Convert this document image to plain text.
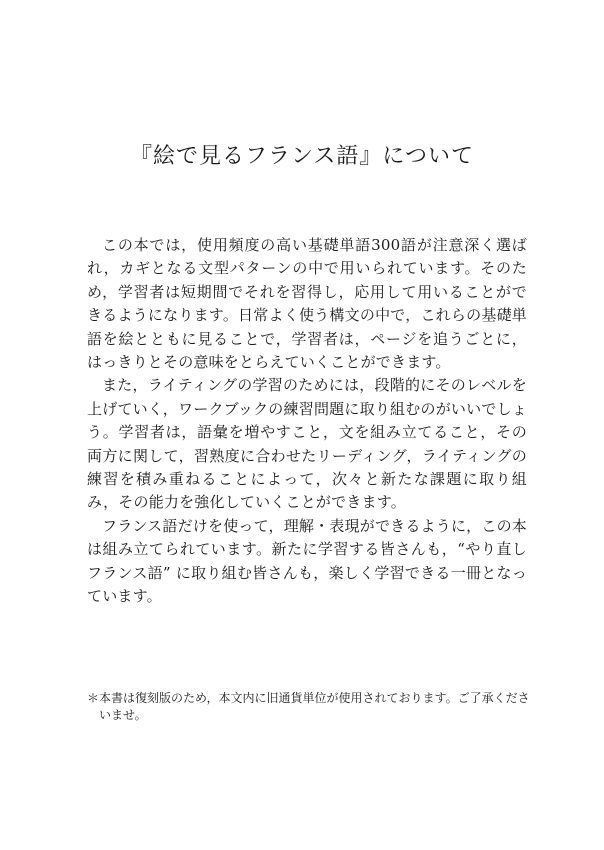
『絵で見るフランス語』について

この本では，使用頻度の高い基礎単語300語が注意深く選ばれ，カギとなる文型パターンの中で用いられています。そのため，学習者は短期間でそれを習得し，応用して用いることができるようになります。日常よく使う構文の中で，これらの基礎単語を絵とともに見ることで，学習者は，ページを追うごとに，はっきりとその意味をとらえていくことができます。

また，ライティングの学習のためには，段階的にそのレベルを上げていく，ワークブックの練習問題に取り組むのがいいでしょう。学習者は，語彙を増やすこと，文を組み立てること，その両方に関して，習熟度に合わせたリーディング，ライティングの練習を積み重ねることによって，次々と新たな課題に取り組み，その能力を強化していくことができます。

フランス語だけを使って，理解・表現ができるように，この本は組み立てられています。新たに学習する皆さんも，“やり直しフランス語” に取り組む皆さんも，楽しく学習できる一冊となっています。

＊本書は復刻版のため，本文内に旧通貨単位が使用されております。ご了承くださいませ。
